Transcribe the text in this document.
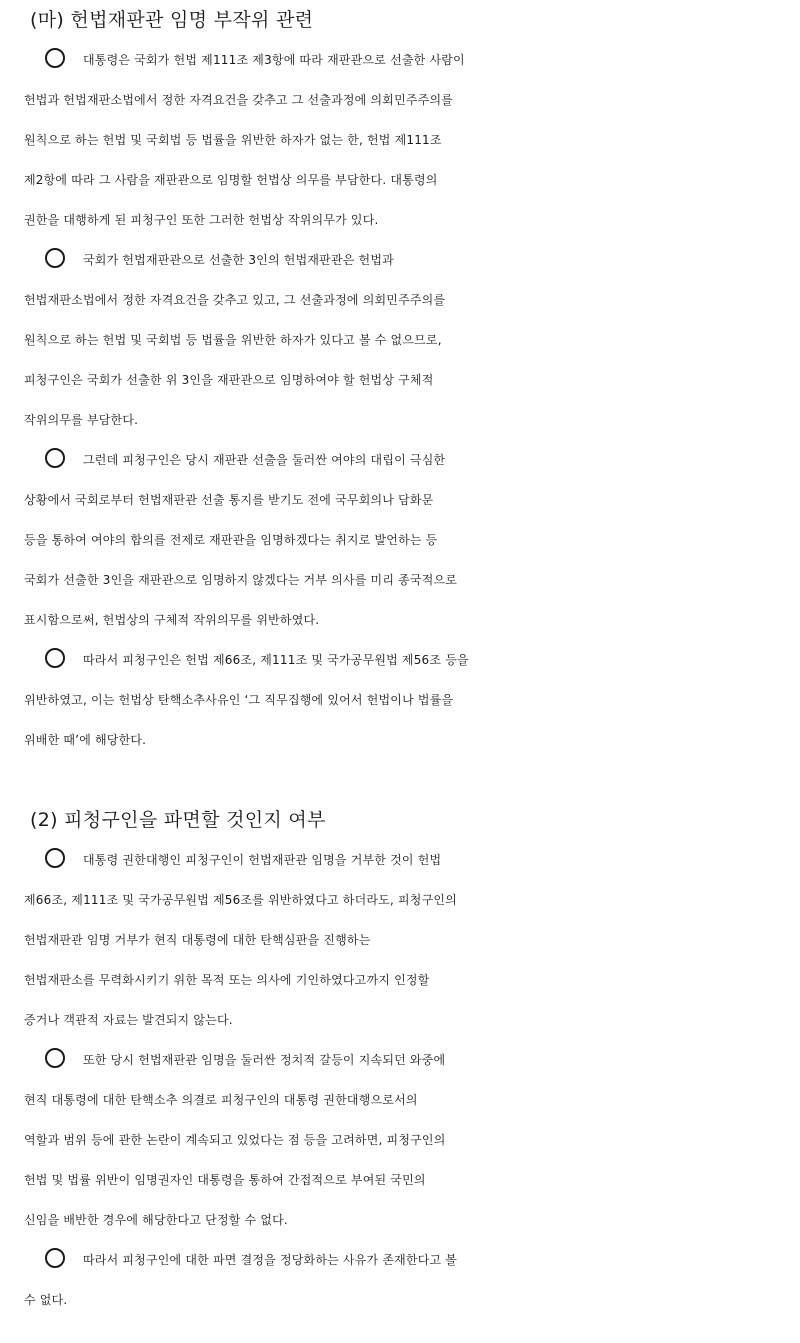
(마) 헌법재판관 임명 부작위 관련
대통령은 국회가 헌법 제111조 제3항에 따라 재판관으로 선출한 사람이
헌법과 헌법재판소법에서 정한 자격요건을 갖추고 그 선출과정에 의회민주주의를
원칙으로 하는 헌법 및 국회법 등 법률을 위반한 하자가 없는 한, 헌법 제111조
제2항에 따라 그 사람을 재판관으로 임명할 헌법상 의무를 부담한다. 대통령의
권한을 대행하게 된 피청구인 또한 그러한 헌법상 작위의무가 있다.
국회가 헌법재판관으로 선출한 3인의 헌법재판관은 헌법과
헌법재판소법에서 정한 자격요건을 갖추고 있고, 그 선출과정에 의회민주주의를
원칙으로 하는 헌법 및 국회법 등 법률을 위반한 하자가 있다고 볼 수 없으므로,
피청구인은 국회가 선출한 위 3인을 재판관으로 임명하여야 할 헌법상 구체적
작위의무를 부담한다.
그런데 피청구인은 당시 재판관 선출을 둘러싼 여야의 대립이 극심한
상황에서 국회로부터 헌법재판관 선출 통지를 받기도 전에 국무회의나 담화문
등을 통하여 여야의 합의를 전제로 재판관을 임명하겠다는 취지로 발언하는 등
국회가 선출한 3인을 재판관으로 임명하지 않겠다는 거부 의사를 미리 종국적으로
표시함으로써, 헌법상의 구체적 작위의무를 위반하였다.
따라서 피청구인은 헌법 제66조, 제111조 및 국가공무원법 제56조 등을
위반하였고, 이는 헌법상 탄핵소추사유인 ‘그 직무집행에 있어서 헌법이나 법률을
위배한 때’에 해당한다.
(2) 피청구인을 파면할 것인지 여부
대통령 권한대행인 피청구인이 헌법재판관 임명을 거부한 것이 헌법
제66조, 제111조 및 국가공무원법 제56조를 위반하였다고 하더라도, 피청구인의
헌법재판관 임명 거부가 현직 대통령에 대한 탄핵심판을 진행하는
헌법재판소를 무력화시키기 위한 목적 또는 의사에 기인하였다고까지 인정할
증거나 객관적 자료는 발견되지 않는다.
또한 당시 헌법재판관 임명을 둘러싼 정치적 갈등이 지속되던 와중에
현직 대통령에 대한 탄핵소추 의결로 피청구인의 대통령 권한대행으로서의
역할과 범위 등에 관한 논란이 계속되고 있었다는 점 등을 고려하면, 피청구인의
헌법 및 법률 위반이 임명권자인 대통령을 통하여 간접적으로 부여된 국민의
신임을 배반한 경우에 해당한다고 단정할 수 없다.
따라서 피청구인에 대한 파면 결정을 정당화하는 사유가 존재한다고 볼
수 없다.
